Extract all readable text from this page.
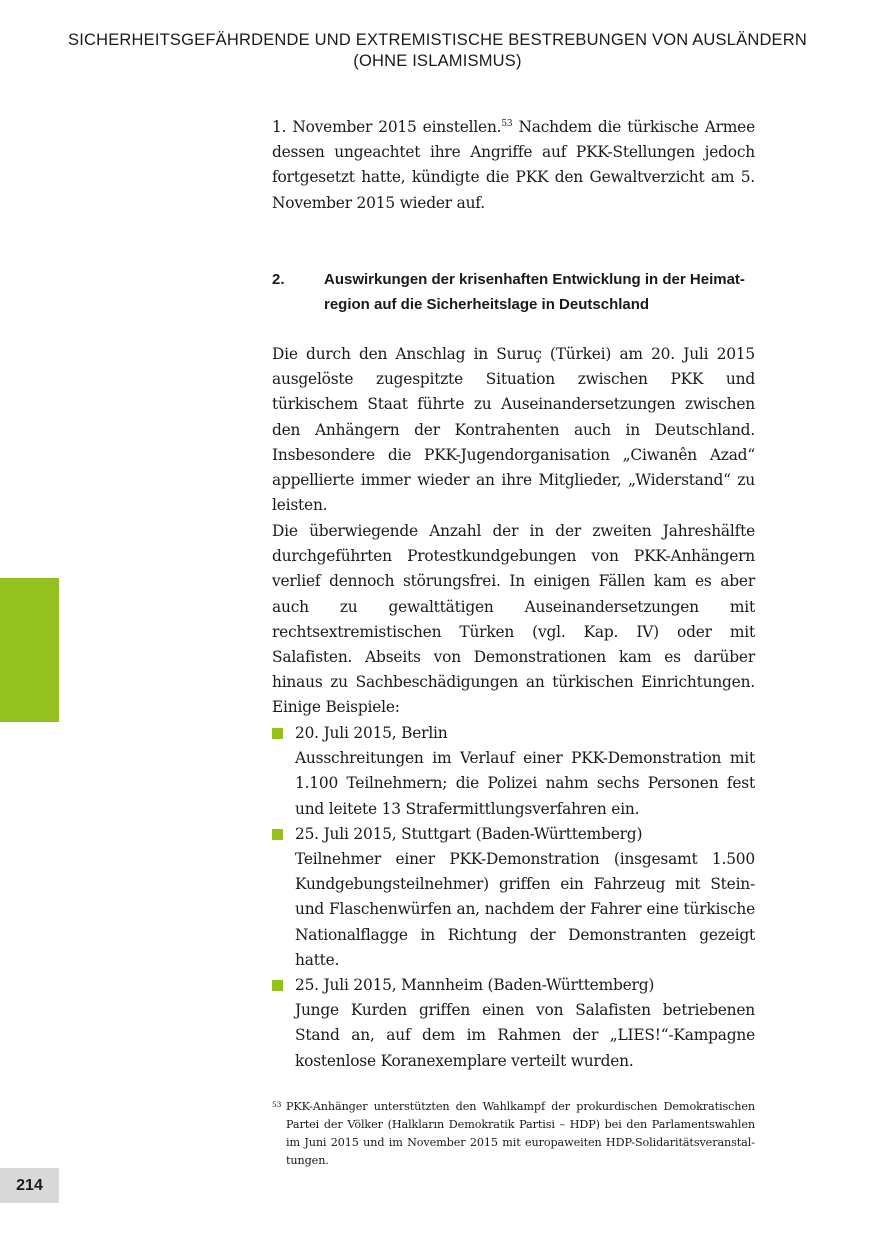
SICHERHEITSGEFÄHRDENDE UND EXTREMISTISCHE BESTREBUNGEN VON AUSLÄNDERN
(OHNE ISLAMISMUS)

1. November 2015 einstellen.$^{53}$ Nachdem die türkische Armee dessen ungeachtet ihre Angriffe auf PKK-Stellungen jedoch fortgesetzt hatte, kündigte die PKK den Gewaltverzicht am 5. November 2015 wieder auf.

2.	Auswirkungen der krisenhaften Entwicklung in der Heimatregion auf die Sicherheitslage in Deutschland

Die durch den Anschlag in Suruç (Türkei) am 20. Juli 2015 ausgelöste zugespitzte Situation zwischen PKK und türkischem Staat führte zu Auseinandersetzungen zwischen den Anhängern der Kontrahenten auch in Deutschland. Insbesondere die PKK-Jugendorganisation „Ciwanên Azad“ appellierte immer wieder an ihre Mitglieder, „Widerstand“ zu leisten.

Die überwiegende Anzahl der in der zweiten Jahreshälfte durchgeführten Protestkundgebungen von PKK-Anhängern verlief dennoch störungsfrei. In einigen Fällen kam es aber auch zu gewalttätigen Auseinandersetzungen mit rechtsextremistischen Türken (vgl. Kap. IV) oder mit Salafisten. Abseits von Demonstrationen kam es darüber hinaus zu Sachbeschädigungen an türkischen Einrichtungen. Einige Beispiele:

20. Juli 2015, Berlin
Ausschreitungen im Verlauf einer PKK-Demonstration mit 1.100 Teilnehmern; die Polizei nahm sechs Personen fest und leitete 13 Strafermittlungsverfahren ein.
25. Juli 2015, Stuttgart (Baden-Württemberg)
Teilnehmer einer PKK-Demonstration (insgesamt 1.500 Kundgebungsteilnehmer) griffen ein Fahrzeug mit Stein- und Flaschenwürfen an, nachdem der Fahrer eine türkische Nationalflagge in Richtung der Demonstranten gezeigt hatte.
25. Juli 2015, Mannheim (Baden-Württemberg)
Junge Kurden griffen einen von Salafisten betriebenen Stand an, auf dem im Rahmen der „LIES!“-Kampagne kostenlose Koranexemplare verteilt wurden.
53 PKK-Anhänger unterstützten den Wahlkampf der prokurdischen Demokratischen Partei der Völker (Halkların Demokratik Partisi – HDP) bei den Parlamentswahlen im Juni 2015 und im November 2015 mit europaweiten HDP-Solidaritätsveranstaltungen.
214
